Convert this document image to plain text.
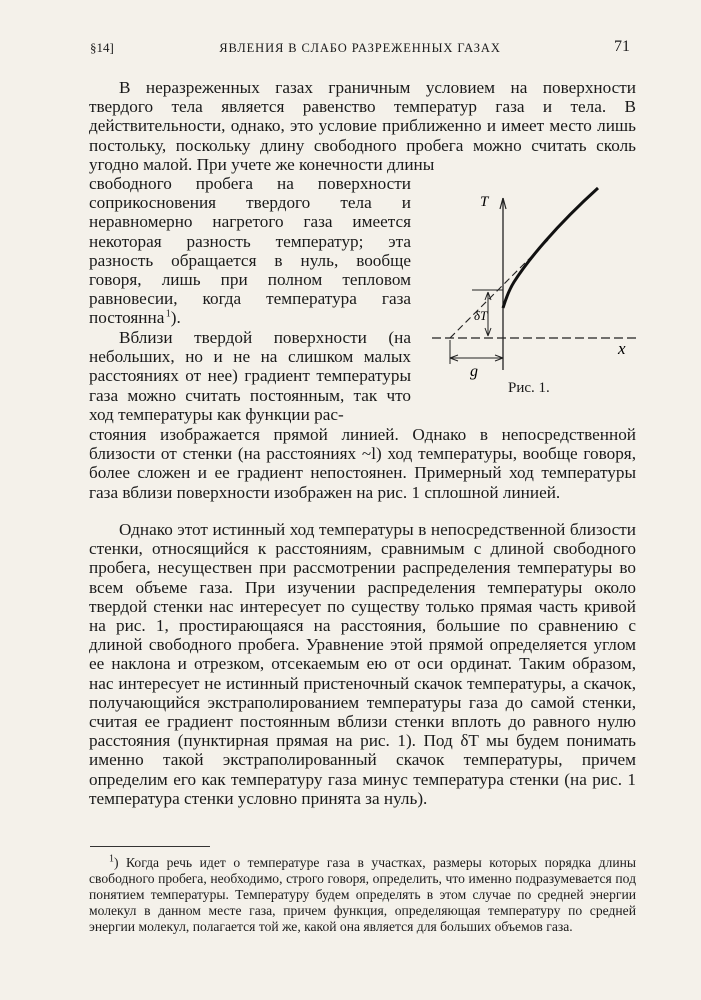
§14]	ЯВЛЕНИЯ В СЛАБО РАЗРЕЖЕННЫХ ГАЗАХ	71
В неразреженных газах граничным условием на поверхности твердого тела является равенство температур газа и тела. В действительности, однако, это условие приближенно и имеет место лишь постольку, поскольку длину свободного пробега можно считать сколь угодно малой. При учете же конечности длины
свободного пробега на поверхности соприкосновения твердого тела и неравномерно нагретого газа имеется некоторая разность температур; эта разность обращается в нуль, вообще говоря, лишь при полном тепловом равновесии, когда температура газа постоянна $^1$).
Вблизи твердой поверхности (на небольших, но и не на слишком малых расстояниях от нее) градиент температуры газа можно считать постоянным, так что ход температуры как функции рас-
стояния изображается прямой линией. Однако в непосредственной близости от стенки (на расстояниях ~l) ход температуры, вообще говоря, более сложен и ее градиент непостоянен. Примерный ход температуры газа вблизи поверхности изображен на рис. 1 сплошной линией.
Однако этот истинный ход температуры в непосредственной близости стенки, относящийся к расстояниям, сравнимым с длиной свободного пробега, несуществен при рассмотрении распределения температуры во всем объеме газа. При изучении распределения температуры около твердой стенки нас интересует по существу только прямая часть кривой на рис. 1, простирающаяся на расстояния, большие по сравнению с длиной свободного пробега. Уравнение этой прямой определяется углом ее наклона и отрезком, отсекаемым ею от оси ординат. Таким образом, нас интересует не истинный пристеночный скачок температуры, а скачок, получающийся экстраполированием температуры газа до самой стенки, считая ее градиент постоянным вблизи стенки вплоть до равного нулю расстояния (пунктирная прямая на рис. 1). Под δT мы будем понимать именно такой экстраполированный скачок температуры, причем определим его как температуру газа минус температура стенки (на рис. 1 температура стенки условно принята за нуль).
T
x
δT
g
Рис. 1.
$^1$) Когда речь идет о температуре газа в участках, размеры которых порядка длины свободного пробега, необходимо, строго говоря, определить, что именно подразумевается под понятием температуры. Температуру будем определять в этом случае по средней энергии молекул в данном месте газа, причем функция, определяющая температуру по средней энергии молекул, полагается той же, какой она является для больших объемов газа.
